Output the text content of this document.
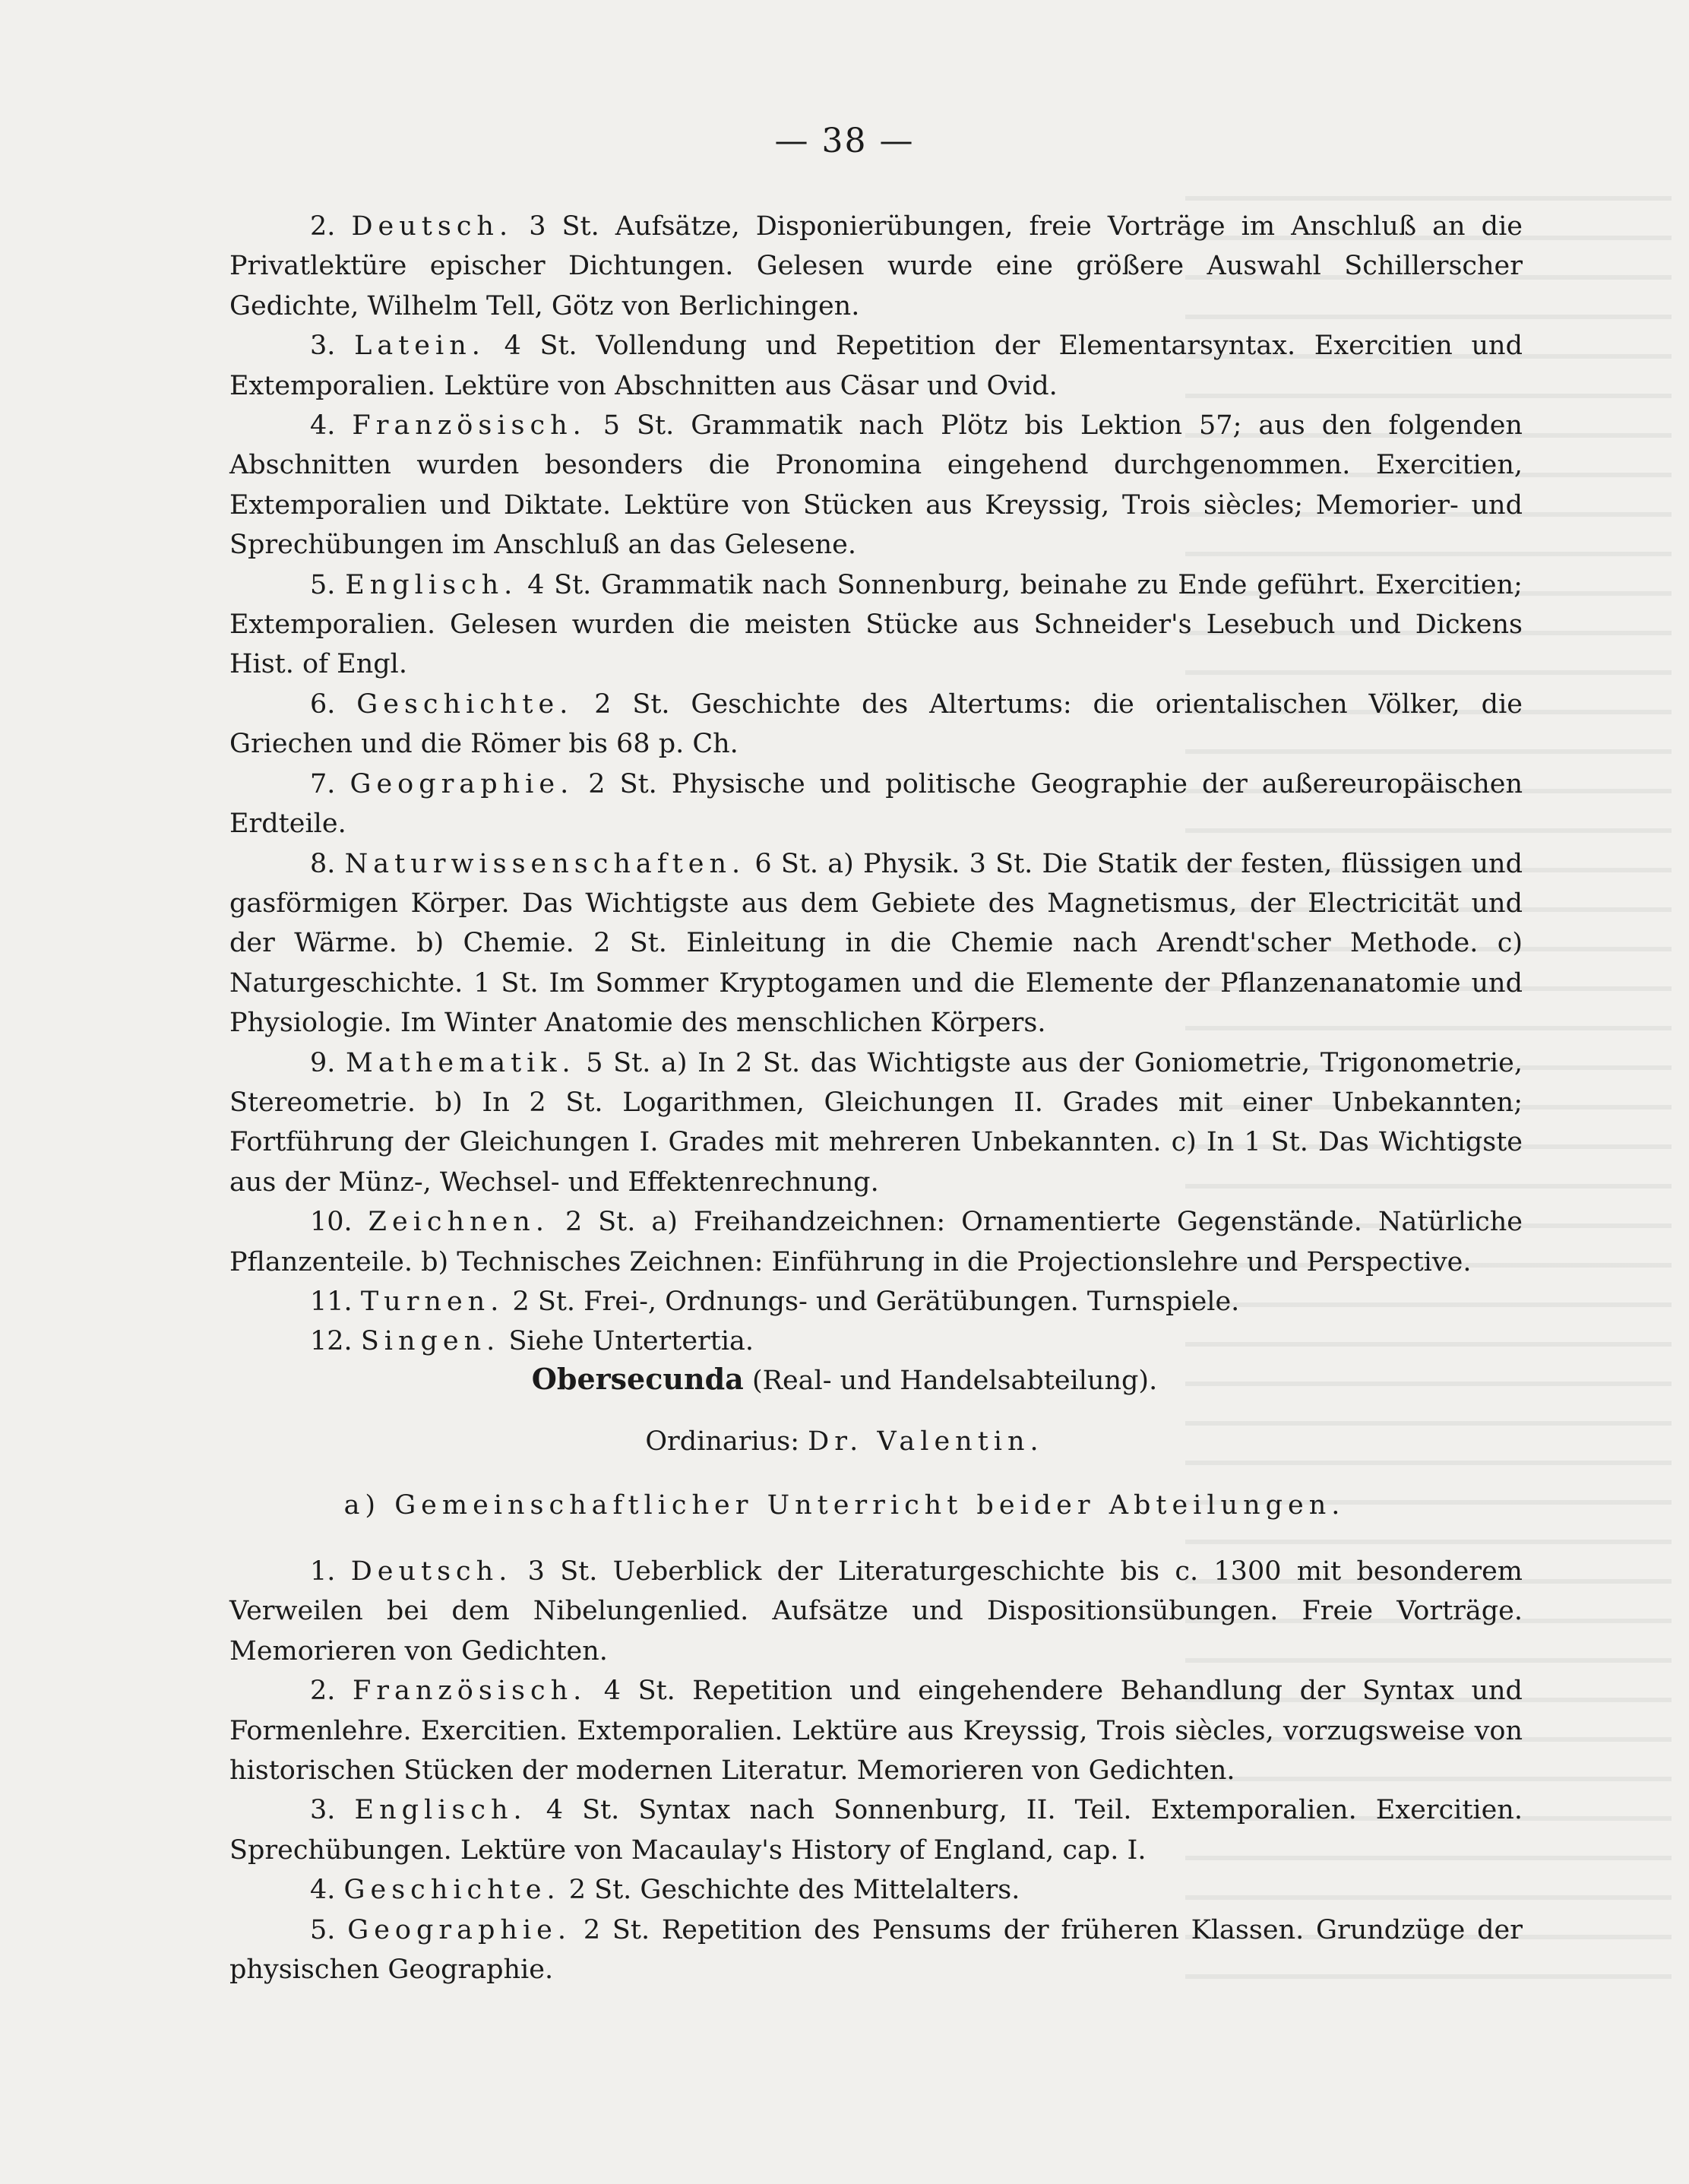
— 38 —

2. Deutsch. 3 St. Aufsätze, Disponierübungen, freie Vorträge im Anschluß an die Privatlektüre epischer Dichtungen. Gelesen wurde eine größere Auswahl Schillerscher Gedichte, Wilhelm Tell, Götz von Berlichingen.

3. Latein. 4 St. Vollendung und Repetition der Elementarsyntax. Exercitien und Extemporalien. Lektüre von Abschnitten aus Cäsar und Ovid.

4. Französisch. 5 St. Grammatik nach Plötz bis Lektion 57; aus den folgenden Abschnitten wurden besonders die Pronomina eingehend durchgenommen. Exercitien, Extemporalien und Diktate. Lektüre von Stücken aus Kreyssig, Trois siècles; Memorier- und Sprechübungen im Anschluß an das Gelesene.

5. Englisch. 4 St. Grammatik nach Sonnenburg, beinahe zu Ende geführt. Exercitien; Extemporalien. Gelesen wurden die meisten Stücke aus Schneider's Lesebuch und Dickens Hist. of Engl.

6. Geschichte. 2 St. Geschichte des Altertums: die orientalischen Völker, die Griechen und die Römer bis 68 p. Ch.

7. Geographie. 2 St. Physische und politische Geographie der außereuropäischen Erdteile.

8. Naturwissenschaften. 6 St. a) Physik. 3 St. Die Statik der festen, flüssigen und gasförmigen Körper. Das Wichtigste aus dem Gebiete des Magnetismus, der Electricität und der Wärme. b) Chemie. 2 St. Einleitung in die Chemie nach Arendt'scher Methode. c) Naturgeschichte. 1 St. Im Sommer Kryptogamen und die Elemente der Pflanzenanatomie und Physiologie. Im Winter Anatomie des menschlichen Körpers.

9. Mathematik. 5 St. a) In 2 St. das Wichtigste aus der Goniometrie, Trigonometrie, Stereometrie. b) In 2 St. Logarithmen, Gleichungen II. Grades mit einer Unbekannten; Fortführung der Gleichungen I. Grades mit mehreren Unbekannten. c) In 1 St. Das Wichtigste aus der Münz-, Wechsel- und Effektenrechnung.

10. Zeichnen. 2 St. a) Freihandzeichnen: Ornamentierte Gegenstände. Natürliche Pflanzenteile. b) Technisches Zeichnen: Einführung in die Projectionslehre und Perspective.

11. Turnen. 2 St. Frei-, Ordnungs- und Gerätübungen. Turnspiele.

12. Singen. Siehe Untertertia.

Obersecunda (Real- und Handelsabteilung).
Ordinarius: Dr. Valentin.
a) Gemeinschaftlicher Unterricht beider Abteilungen.

1. Deutsch. 3 St. Ueberblick der Literaturgeschichte bis c. 1300 mit besonderem Verweilen bei dem Nibelungenlied. Aufsätze und Dispositionsübungen. Freie Vorträge. Memorieren von Gedichten.

2. Französisch. 4 St. Repetition und eingehendere Behandlung der Syntax und Formenlehre. Exercitien. Extemporalien. Lektüre aus Kreyssig, Trois siècles, vorzugsweise von historischen Stücken der modernen Literatur. Memorieren von Gedichten.

3. Englisch. 4 St. Syntax nach Sonnenburg, II. Teil. Extemporalien. Exercitien. Sprechübungen. Lektüre von Macaulay's History of England, cap. I.

4. Geschichte. 2 St. Geschichte des Mittelalters.

5. Geographie. 2 St. Repetition des Pensums der früheren Klassen. Grundzüge der physischen Geographie.
